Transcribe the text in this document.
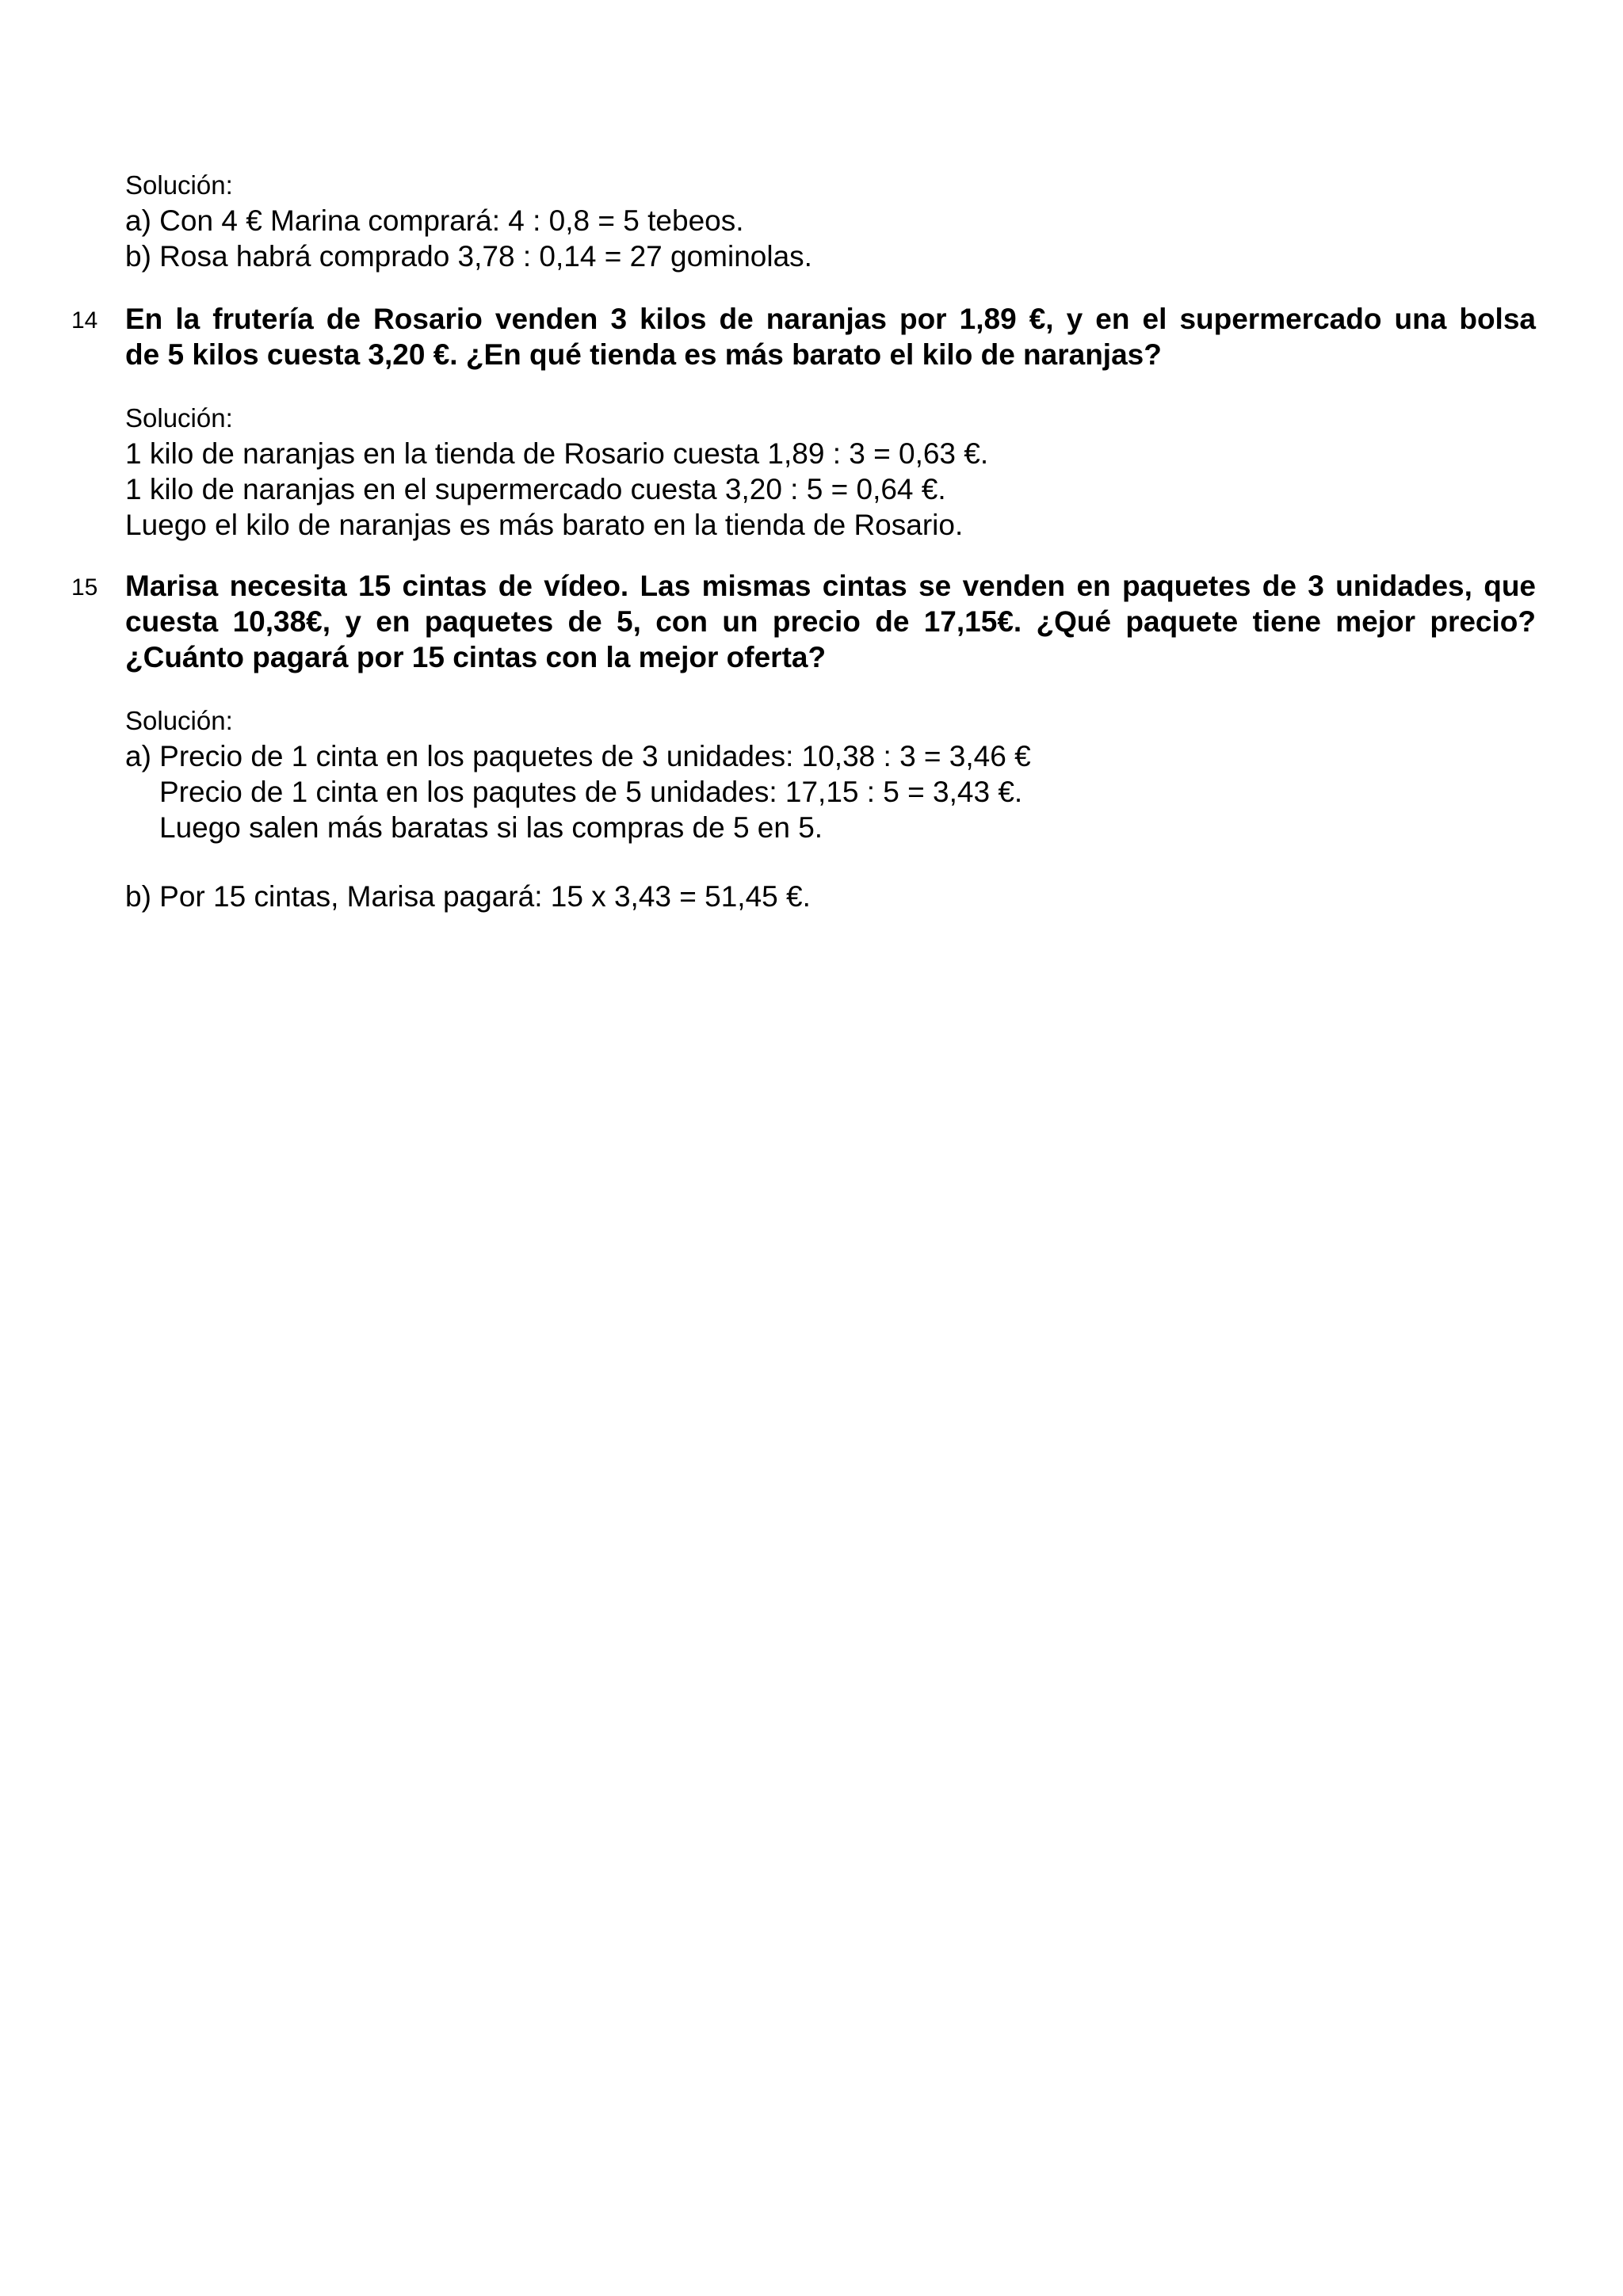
Solución:
a) Con 4 € Marina comprará: 4 : 0,8 = 5 tebeos.
b) Rosa habrá comprado 3,78 : 0,14 = 27 gominolas.
14 En la frutería de Rosario venden 3 kilos de naranjas por 1,89 €, y en el supermercado una bolsa
de 5 kilos cuesta 3,20 €. ¿En qué tienda es más barato el kilo de naranjas?
Solución:
1 kilo de naranjas en la tienda de Rosario cuesta 1,89 : 3 = 0,63 €.
1 kilo de naranjas en el supermercado cuesta 3,20 : 5 = 0,64 €.
Luego el kilo de naranjas es más barato en la tienda de Rosario.
15 Marisa necesita 15 cintas de vídeo. Las mismas cintas se venden en paquetes de 3 unidades, que
cuesta 10,38€, y en paquetes de 5, con un precio de 17,15€. ¿Qué paquete tiene mejor precio?
¿Cuánto pagará por 15 cintas con la mejor oferta?
Solución:
a) Precio de 1 cinta en los paquetes de 3 unidades: 10,38 : 3 = 3,46 €
Precio de 1 cinta en los paqutes de 5 unidades: 17,15 : 5 = 3,43 €.
Luego salen más baratas si las compras de 5 en 5.
b) Por 15 cintas, Marisa pagará: 15 x 3,43 = 51,45 €.
